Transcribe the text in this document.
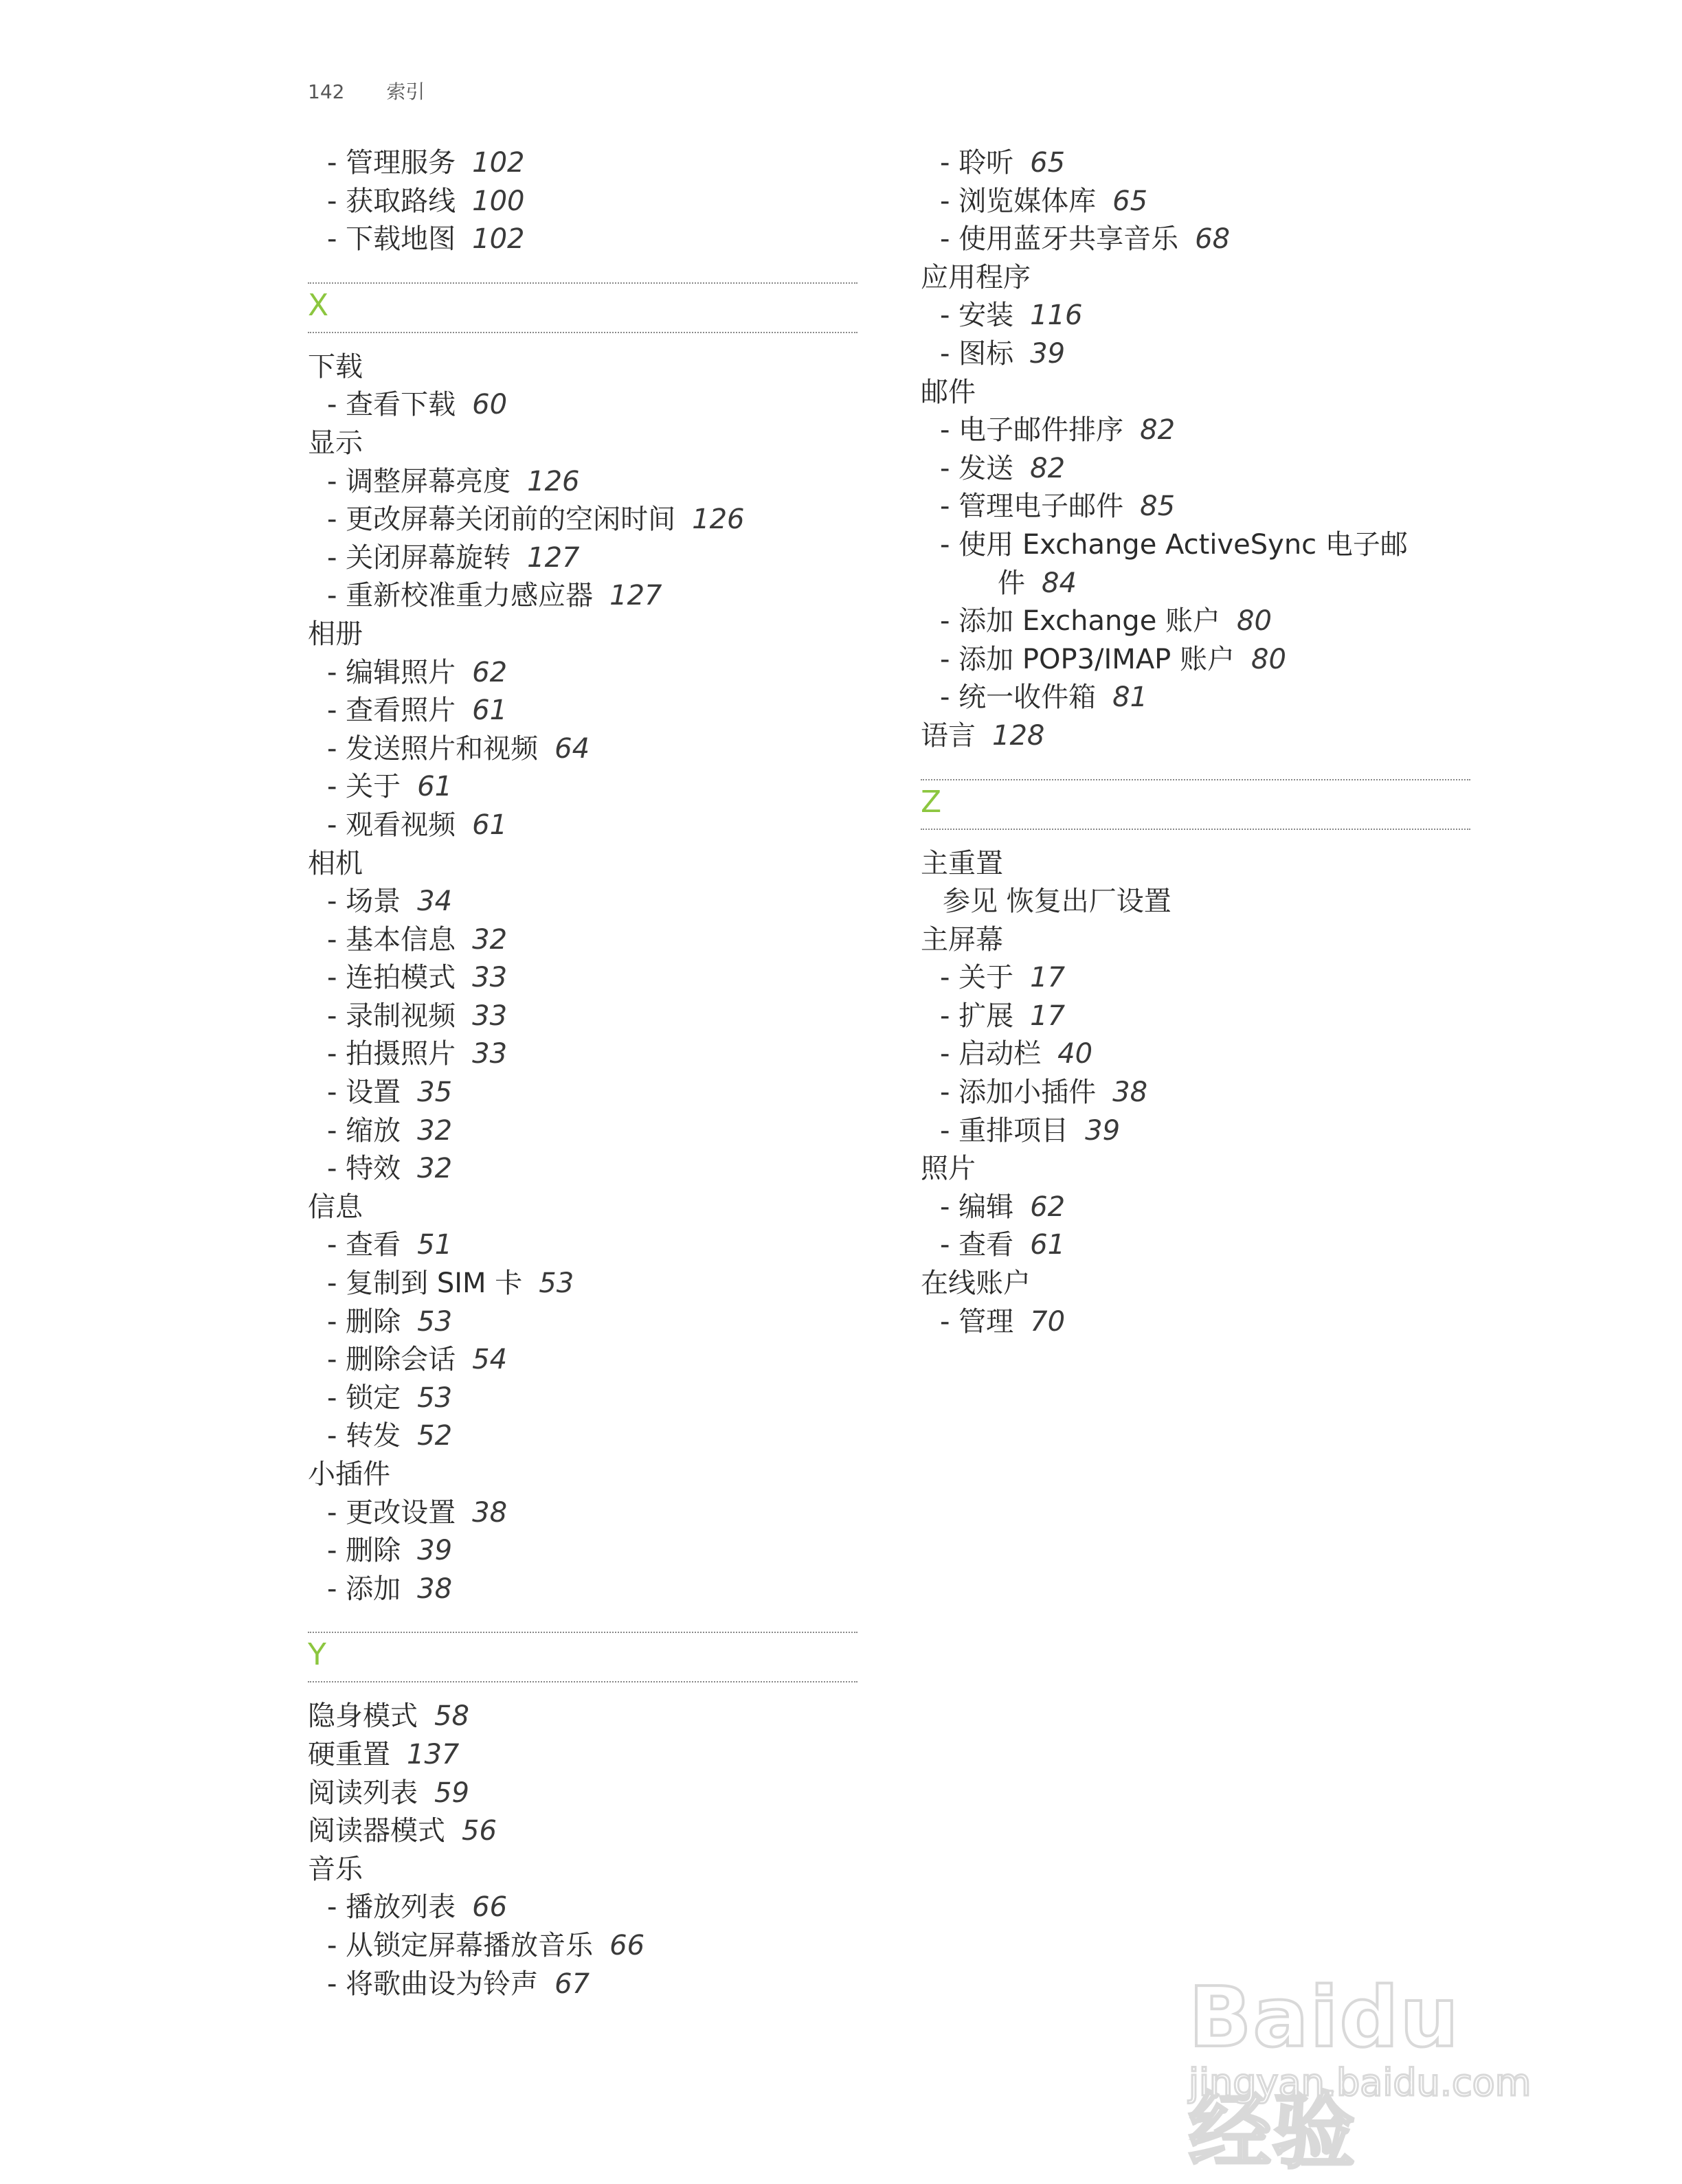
142 索引
- 管理服务 102
- 获取路线 100
- 下载地图 102
X
下载
- 查看下载 60
显示
- 调整屏幕亮度 126
- 更改屏幕关闭前的空闲时间 126
- 关闭屏幕旋转 127
- 重新校准重力感应器 127
相册
- 编辑照片 62
- 查看照片 61
- 发送照片和视频 64
- 关于 61
- 观看视频 61
相机
- 场景 34
- 基本信息 32
- 连拍模式 33
- 录制视频 33
- 拍摄照片 33
- 设置 35
- 缩放 32
- 特效 32
信息
- 查看 51
- 复制到 SIM 卡 53
- 删除 53
- 删除会话 54
- 锁定 53
- 转发 52
小插件
- 更改设置 38
- 删除 39
- 添加 38
Y
隐身模式 58
硬重置 137
阅读列表 59
阅读器模式 56
音乐
- 播放列表 66
- 从锁定屏幕播放音乐 66
- 将歌曲设为铃声 67
- 聆听 65
- 浏览媒体库 65
- 使用蓝牙共享音乐 68
应用程序
- 安装 116
- 图标 39
邮件
- 电子邮件排序 82
- 发送 82
- 管理电子邮件 85
- 使用 Exchange ActiveSync 电子邮
件 84
- 添加 Exchange 账户 80
- 添加 POP3/IMAP 账户 80
- 统一收件箱 81
语言 128
Z
主重置
参见 恢复出厂设置
主屏幕
- 关于 17
- 扩展 17
- 启动栏 40
- 添加小插件 38
- 重排项目 39
照片
- 编辑 62
- 查看 61
在线账户
- 管理 70
Baidu 经验
jingyan.baidu.com
